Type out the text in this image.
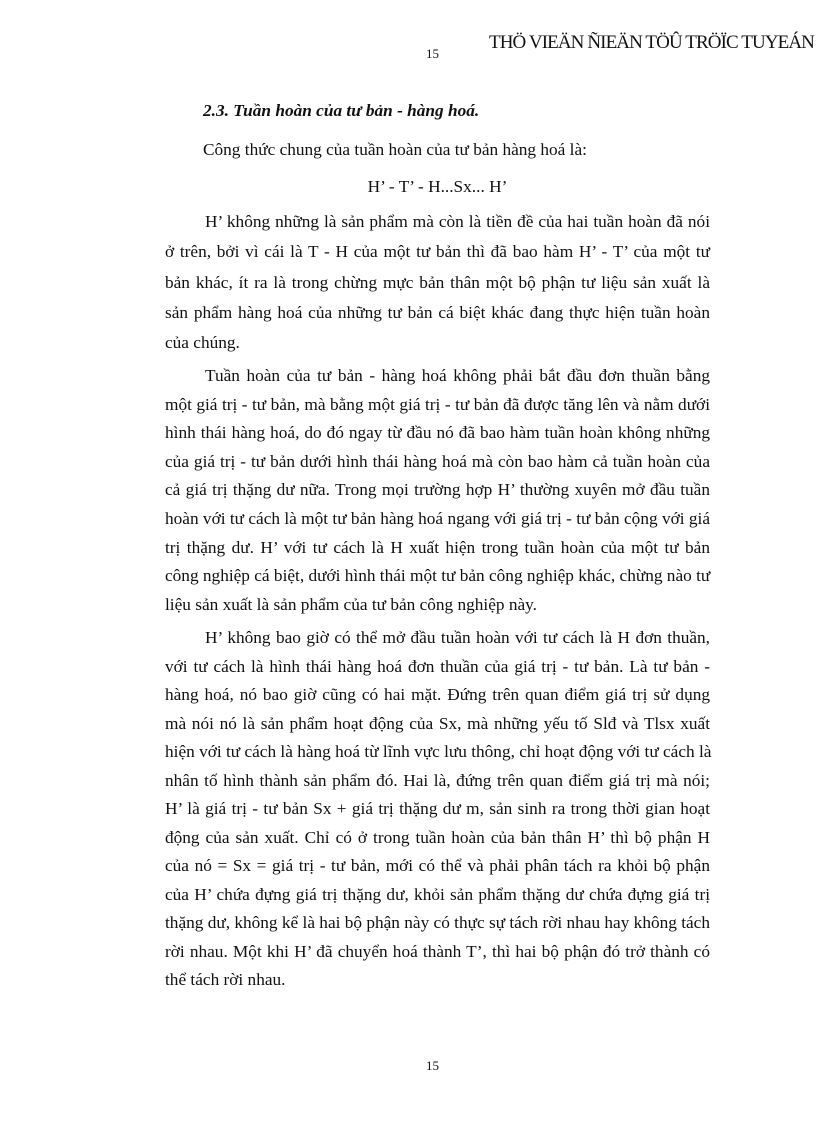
15
THÖ VIEÄN ÑIEÄN TÖÛ TRÖÏC TUYEÁN
2.3. Tuần hoàn của tư bản - hàng hoá.
Công thức chung của tuần hoàn của tư bản hàng hoá là:
H’ - T’ - H...Sx... H’
H’ không những là sản phẩm mà còn là tiền đề của hai tuần hoàn đã nói
ở trên, bởi vì cái là T - H của một tư bản thì đã bao hàm H’ - T’ của một tư
bản khác, ít ra là trong chừng mực bản thân một bộ phận tư liệu sản xuất là
sản phẩm hàng hoá của những tư bản cá biệt khác đang thực hiện tuần hoàn
của chúng.
Tuần hoàn của tư bản - hàng hoá không phải bắt đầu đơn thuần bằng
một giá trị - tư bản, mà bằng một giá trị - tư bản đã được tăng lên và nằm dưới
hình thái hàng hoá, do đó ngay từ đầu nó đã bao hàm tuần hoàn không những
của giá trị - tư bản dưới hình thái hàng hoá mà còn bao hàm cả tuần hoàn của
cả giá trị thặng dư nữa. Trong mọi trường hợp H’ thường xuyên mở đầu tuần
hoàn với tư cách là một tư bản hàng hoá ngang với giá trị - tư bản cộng với giá
trị thặng dư. H’ với tư cách là H xuất hiện trong tuần hoàn của một tư bản
công nghiệp cá biệt, dưới hình thái một tư bản công nghiệp khác, chừng nào tư
liệu sản xuất là sản phẩm của tư bản công nghiệp này.
H’ không bao giờ có thể mở đầu tuần hoàn với tư cách là H đơn thuần,
với tư cách là hình thái hàng hoá đơn thuần của giá trị - tư bản. Là tư bản -
hàng hoá, nó bao giờ cũng có hai mặt. Đứng trên quan điểm giá trị sử dụng
mà nói nó là sản phẩm hoạt động của Sx, mà những yếu tố Slđ và Tlsx xuất
hiện với tư cách là hàng hoá từ lĩnh vực lưu thông, chỉ hoạt động với tư cách là
nhân tố hình thành sản phẩm đó. Hai là, đứng trên quan điểm giá trị mà nói;
H’ là giá trị - tư bản Sx + giá trị thặng dư m, sản sinh ra trong thời gian hoạt
động của sản xuất. Chỉ có ở trong tuần hoàn của bản thân H’ thì bộ phận H
của nó = Sx = giá trị - tư bản, mới có thể và phải phân tách ra khỏi bộ phận
của H’ chứa đựng giá trị thặng dư, khỏi sản phẩm thặng dư chứa đựng giá trị
thặng dư, không kể là hai bộ phận này có thực sự tách rời nhau hay không tách
rời nhau. Một khi H’ đã chuyển hoá thành T’, thì hai bộ phận đó trở thành có
thể tách rời nhau.
15
